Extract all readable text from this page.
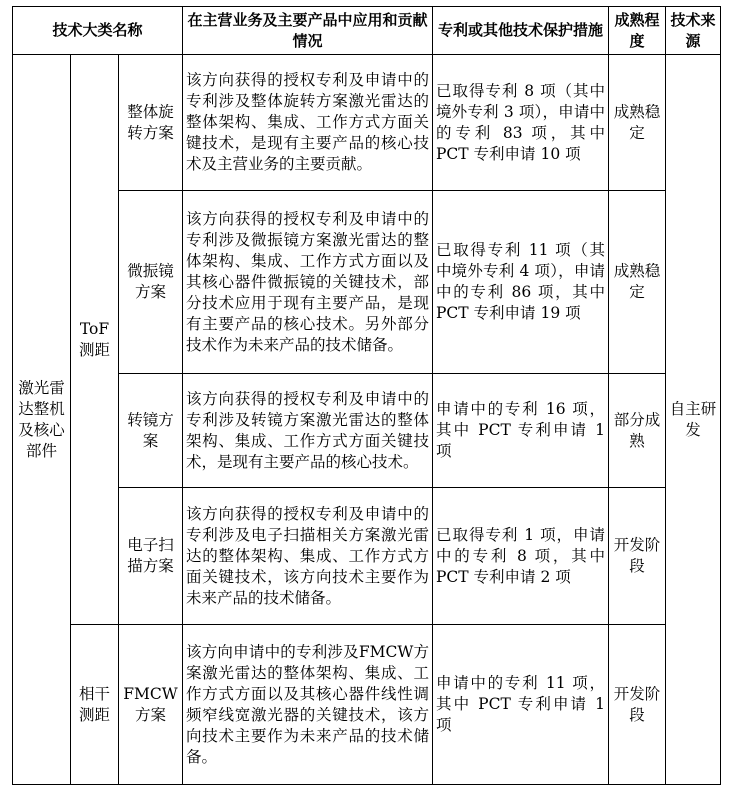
技术大类名称			在主营业务及主要产品中应用和贡献情况	专利或其他技术保护措施	成熟程度	技术来源
激光雷达整机及核心部件	ToF测距	整体旋转方案	该方向获得的授权专利及申请中的专利涉及整体旋转方案激光雷达的整体架构、集成、工作方式方面关键技术，是现有主要产品的核心技术及主营业务的主要贡献。	已取得专利 8 项（其中境外专利 3 项），申请中的专利 83 项，其中 PCT 专利申请 10 项	成熟稳定	自主研发
		微振镜方案	该方向获得的授权专利及申请中的专利涉及微振镜方案激光雷达的整体架构、集成、工作方式方面以及其核心器件微振镜的关键技术，部分技术应用于现有主要产品，是现有主要产品的核心技术。另外部分技术作为未来产品的技术储备。	已取得专利 11 项（其中境外专利 4 项），申请中的专利 86 项，其中 PCT 专利申请 19 项	成熟稳定	
		转镜方案	该方向获得的授权专利及申请中的专利涉及转镜方案激光雷达的整体架构、集成、工作方式方面关键技术，是现有主要产品的核心技术。	申请中的专利 16 项，其中 PCT 专利申请 1 项	部分成熟	
		电子扫描方案	该方向获得的授权专利及申请中的专利涉及电子扫描相关方案激光雷达的整体架构、集成、工作方式方面关键技术，该方向技术主要作为未来产品的技术储备。	已取得专利 1 项，申请中的专利 8 项，其中 PCT 专利申请 2 项	开发阶段	
	相干测距	FMCW方案	该方向申请中的专利涉及FMCW方案激光雷达的整体架构、集成、工作方式方面以及其核心器件线性调频窄线宽激光器的关键技术，该方向技术主要作为未来产品的技术储备。	申请中的专利 11 项，其中 PCT 专利申请 1 项	开发阶段	
